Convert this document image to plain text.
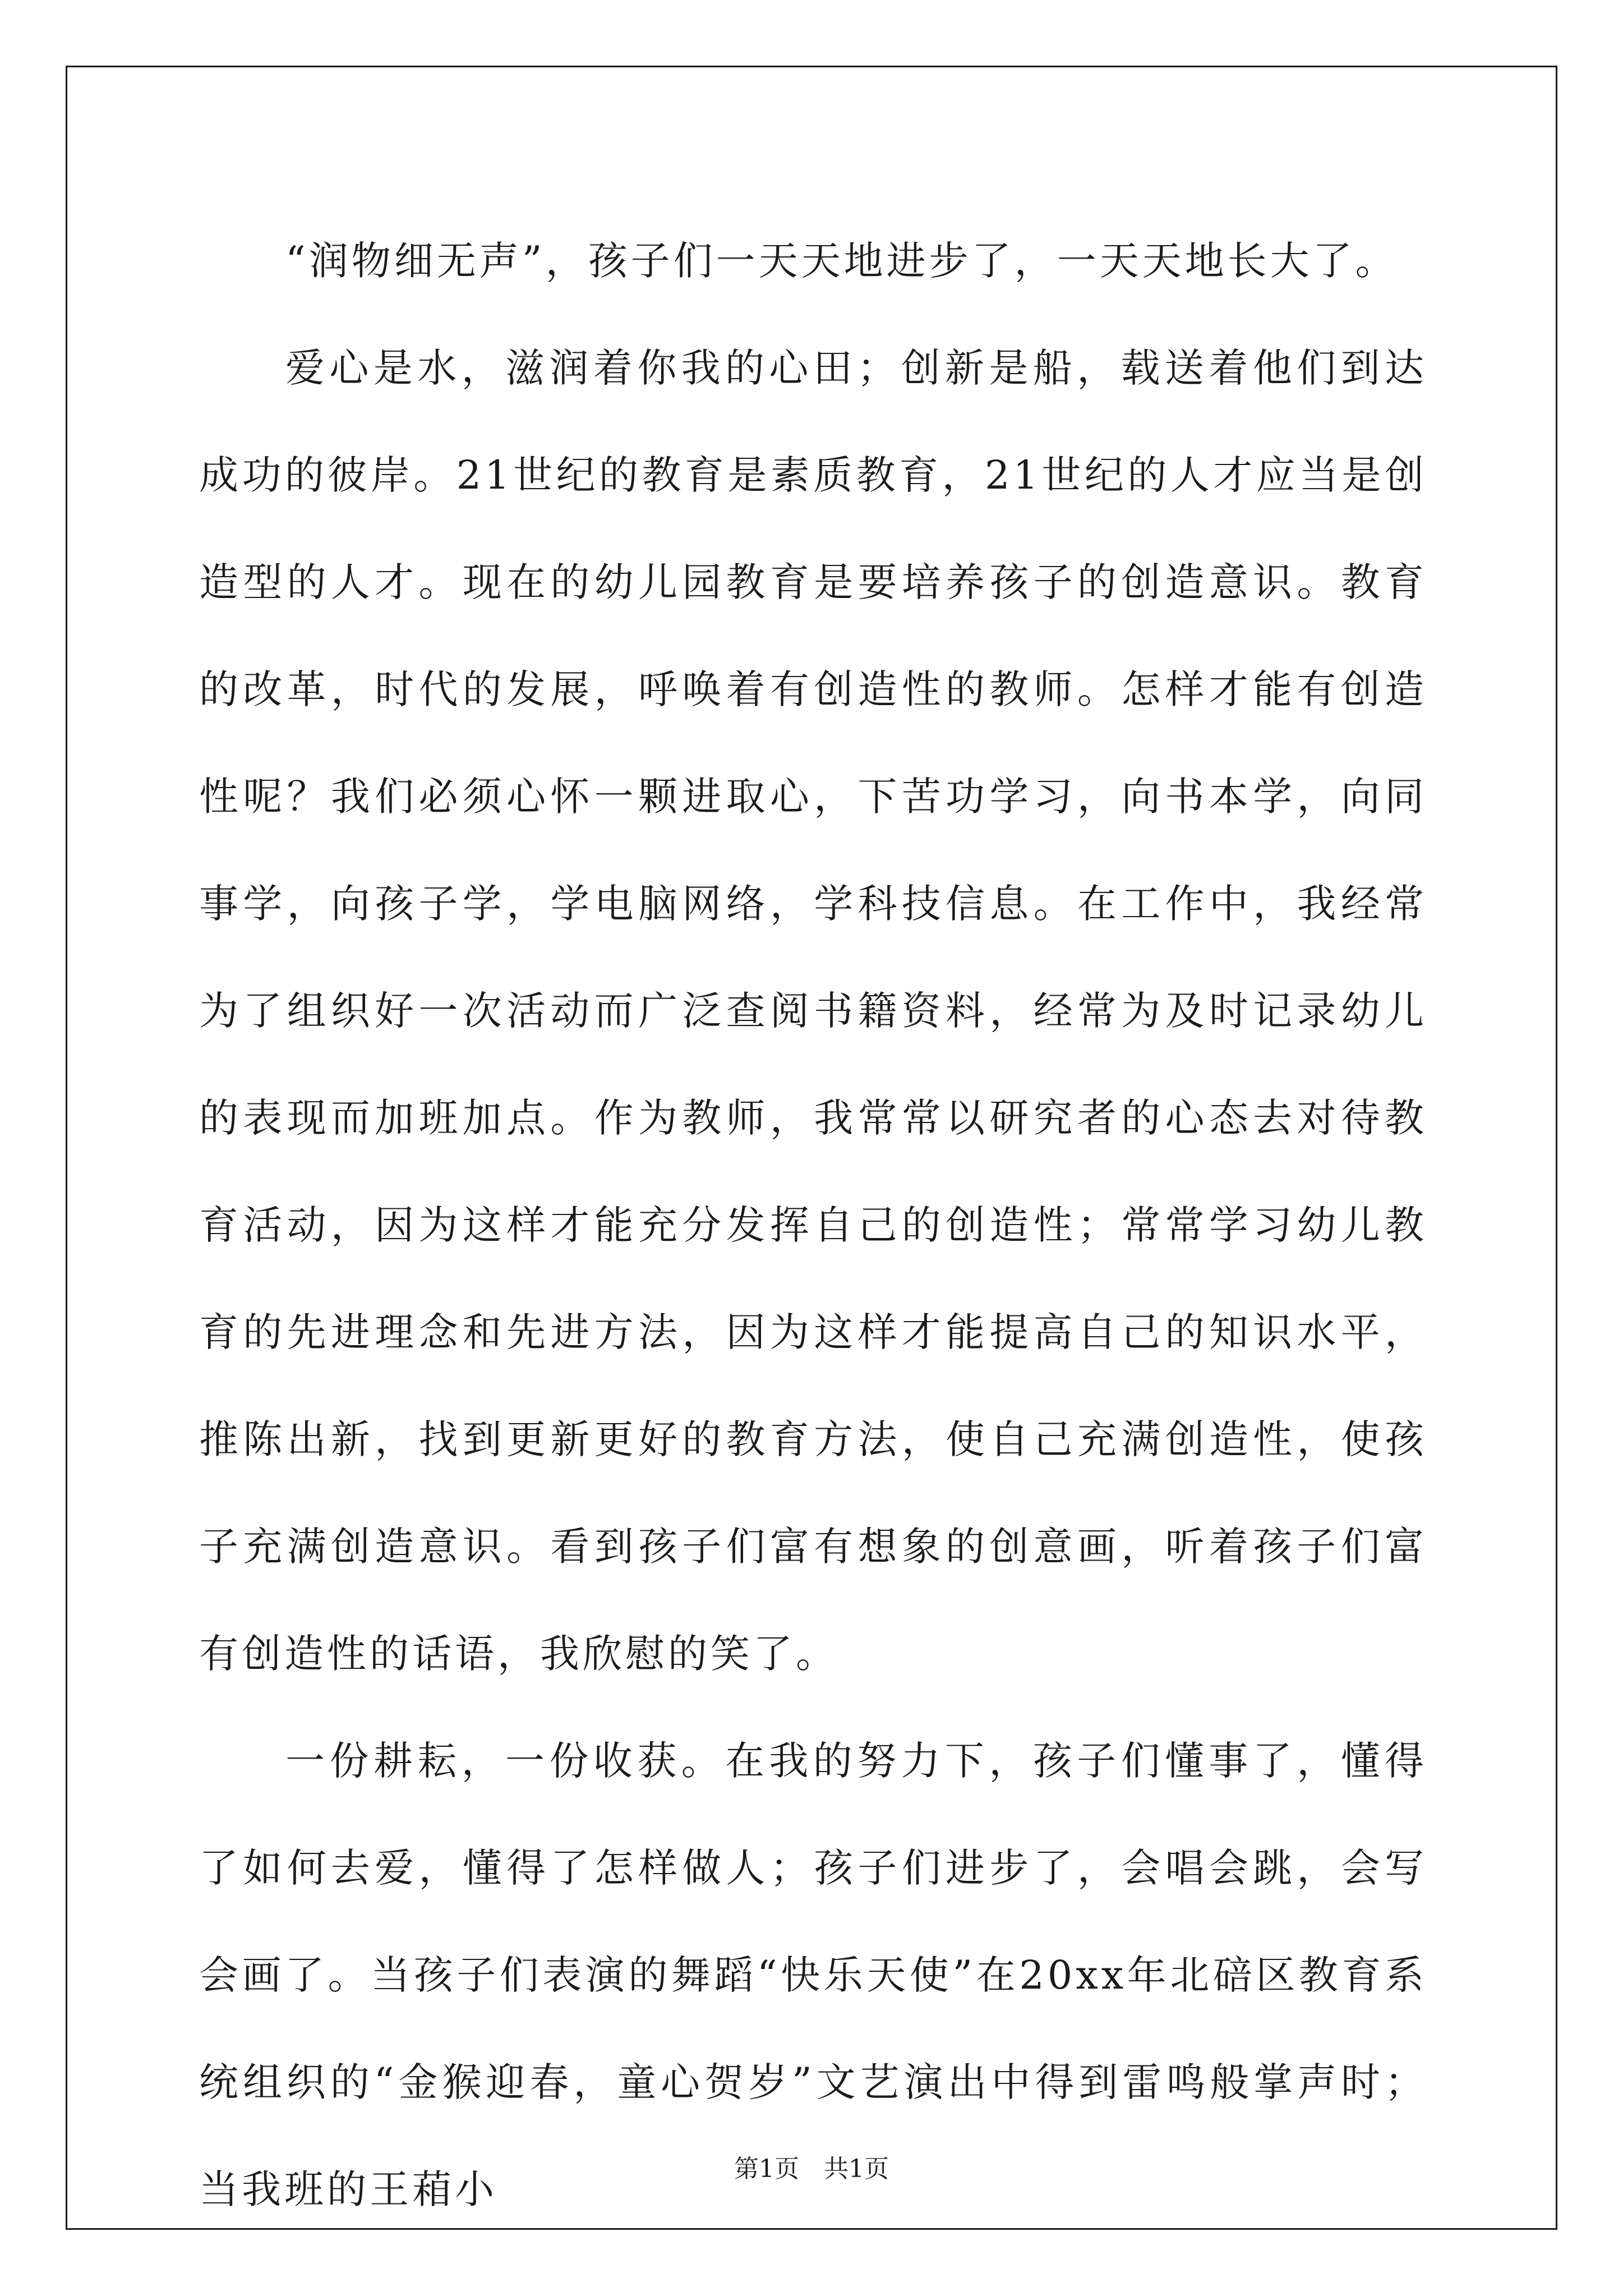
“润物细无声”，孩子们一天天地进步了，一天天地长大了。

爱心是水，滋润着你我的心田；创新是船，载送着他们到达成功的彼岸。21世纪的教育是素质教育，21世纪的人才应当是创造型的人才。现在的幼儿园教育是要培养孩子的创造意识。教育的改革，时代的发展，呼唤着有创造性的教师。怎样才能有创造性呢？我们必须心怀一颗进取心，下苦功学习，向书本学，向同事学，向孩子学，学电脑网络，学科技信息。在工作中，我经常为了组织好一次活动而广泛查阅书籍资料，经常为及时记录幼儿的表现而加班加点。作为教师，我常常以研究者的心态去对待教育活动，因为这样才能充分发挥自己的创造性；常常学习幼儿教育的先进理念和先进方法，因为这样才能提高自己的知识水平，推陈出新，找到更新更好的教育方法，使自己充满创造性，使孩子充满创造意识。看到孩子们富有想象的创意画，听着孩子们富有创造性的话语，我欣慰的笑了。

一份耕耘，一份收获。在我的努力下，孩子们懂事了，懂得了如何去爱，懂得了怎样做人；孩子们进步了，会唱会跳，会写会画了。当孩子们表演的舞蹈“快乐天使”在20xx年北碚区教育系统组织的“金猴迎春，童心贺岁”文艺演出中得到雷鸣般掌声时；当我班的王葙小	第1页 共1页
